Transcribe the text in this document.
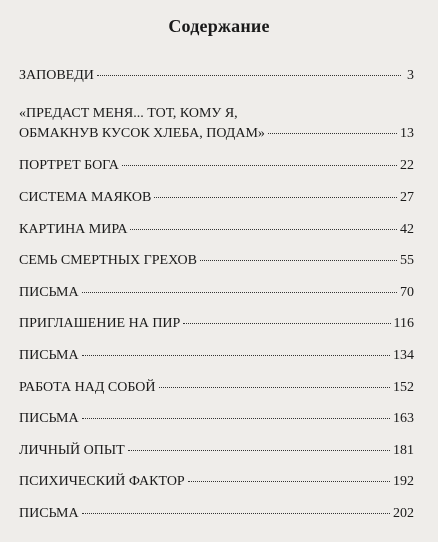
Содержание
ЗАПОВЕДИ	3
«ПРЕДАСТ МЕНЯ... ТОТ, КОМУ Я,
ОБМАКНУВ КУСОК ХЛЕБА, ПОДАМ»	13
ПОРТРЕТ БОГА	22
СИСТЕМА МАЯКОВ	27
КАРТИНА МИРА	42
СЕМЬ СМЕРТНЫХ ГРЕХОВ	55
ПИСЬМА	70
ПРИГЛАШЕНИЕ НА ПИР	116
ПИСЬМА	134
РАБОТА НАД СОБОЙ	152
ПИСЬМА	163
ЛИЧНЫЙ ОПЫТ	181
ПСИХИЧЕСКИЙ ФАКТОР	192
ПИСЬМА	202
